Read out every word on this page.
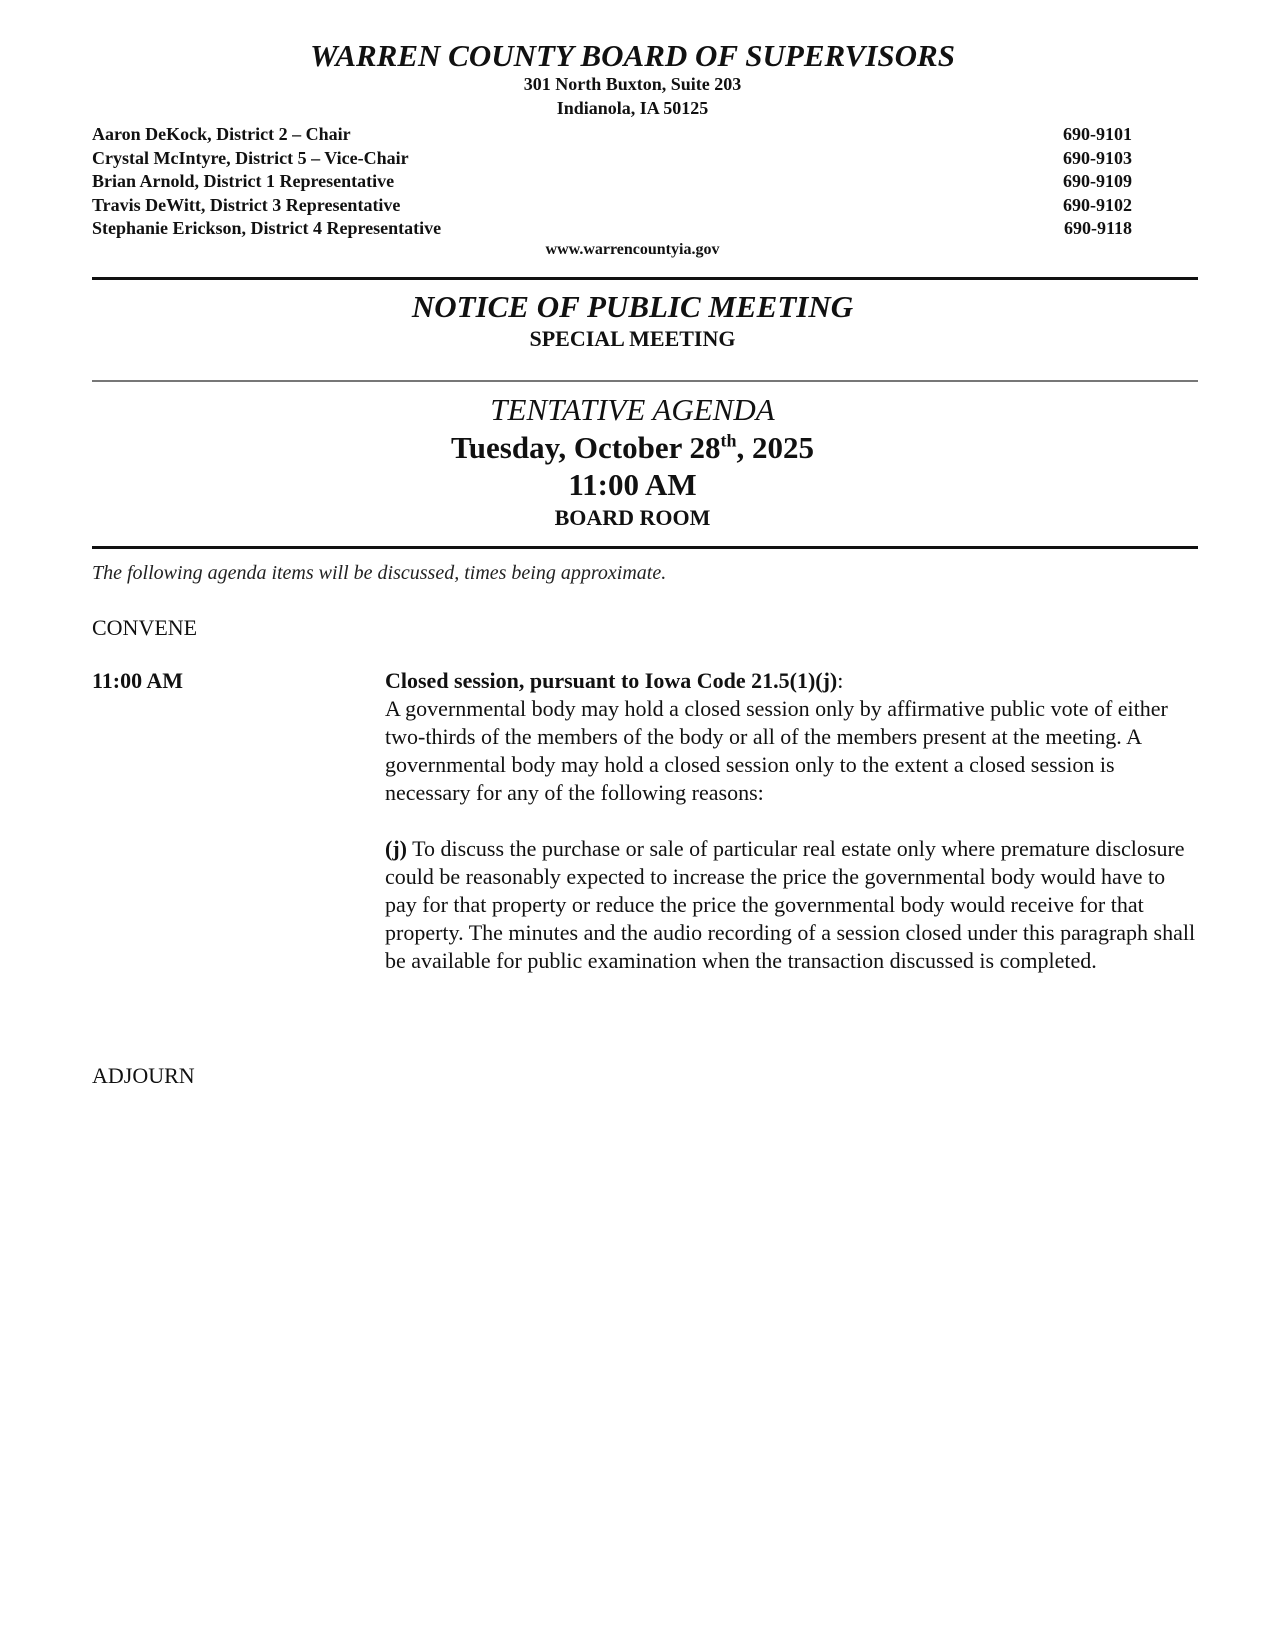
WARREN COUNTY BOARD OF SUPERVISORS
301 North Buxton, Suite 203
Indianola, IA 50125
Aaron DeKock, District 2 – Chair	690-9101
Crystal McIntyre, District 5 – Vice-Chair	690-9103
Brian Arnold, District 1 Representative	690-9109
Travis DeWitt, District 3 Representative	690-9102
Stephanie Erickson, District 4 Representative	690-9118
www.warrencountyia.gov
NOTICE OF PUBLIC MEETING
SPECIAL MEETING
TENTATIVE AGENDA
Tuesday, October 28th, 2025
11:00 AM
BOARD ROOM
The following agenda items will be discussed, times being approximate.
CONVENE
11:00 AM	Closed session, pursuant to Iowa Code 21.5(1)(j):

A governmental body may hold a closed session only by affirmative public vote of either two-thirds of the members of the body or all of the members present at the meeting. A governmental body may hold a closed session only to the extent a closed session is necessary for any of the following reasons:

(j) To discuss the purchase or sale of particular real estate only where premature disclosure could be reasonably expected to increase the price the governmental body would have to pay for that property or reduce the price the governmental body would receive for that property. The minutes and the audio recording of a session closed under this paragraph shall be available for public examination when the transaction discussed is completed.

ADJOURN
